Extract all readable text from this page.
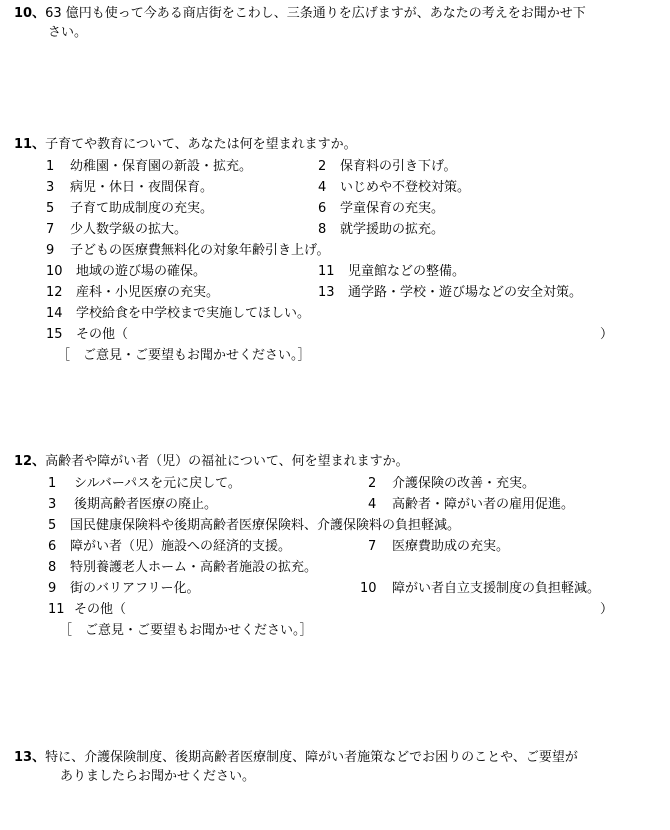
10、 63 億円も使って今ある商店街をこわし、三条通りを広げますが、あなたの考えをお聞かせ下
さい。
11、 子育てや教育について、あなたは何を望まれますか。
1 幼稚園・保育園の新設・拡充。	2 保育料の引き下げ。
3 病児・休日・夜間保育。	4 いじめや不登校対策。
5 子育て助成制度の充実。	6 学童保育の充実。
7 少人数学級の拡大。	8 就学援助の拡充。
9 子どもの医療費無料化の対象年齢引き上げ。
10 地域の遊び場の確保。	11 児童館などの整備。
12 産科・小児医療の充実。	13 通学路・学校・遊び場などの安全対策。
14 学校給食を中学校まで実施してほしい。
15 その他（	）
［　ご意見・ご要望もお聞かせください。］
12、 高齢者や障がい者（児）の福祉について、何を望まれますか。
1 シルバーパスを元に戻して。	2 介護保険の改善・充実。
3 後期高齢者医療の廃止。	4 高齢者・障がい者の雇用促進。
5 国民健康保険料や後期高齢者医療保険料、介護保険料の負担軽減。
6 障がい者（児）施設への経済的支援。	7 医療費助成の充実。
8 特別養護老人ホーム・高齢者施設の拡充。
9 街のバリアフリー化。	10 障がい者自立支援制度の負担軽減。
11 その他（	）
［　ご意見・ご要望もお聞かせください。］
13、 特に、介護保険制度、後期高齢者医療制度、障がい者施策などでお困りのことや、ご要望が
ありましたらお聞かせください。
